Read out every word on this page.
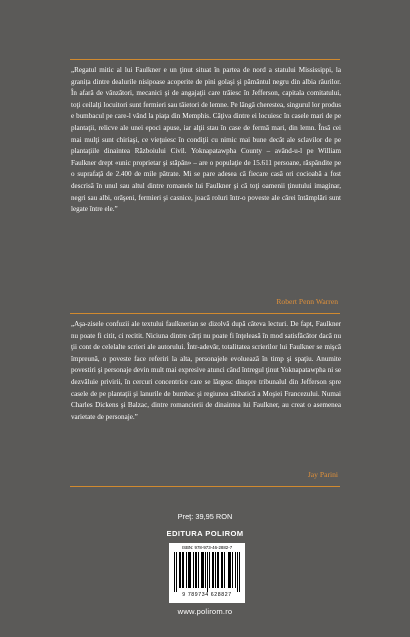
„Regatul mitic al lui Faulkner e un ţinut situat în partea de nord a statului Mississippi, la granița dintre dealurile nisipoase acoperite de pini golaşi şi pământul negru din albia râurilor. În afară de vânzători, mecanici şi de angajaţii care trăiesc în Jefferson, capitala comitatului, toţi ceilalţi locuitori sunt fermieri sau tăietori de lemne. Pe lângă cherestea, singurul lor produs e bumbacul pe care-l vând la piaţa din Memphis. Câţiva dintre ei locuiesc în casele mari de pe plantaţii, relicve ale unei epoci apuse, iar alţii stau în case de fermă mari, din lemn. Însă cei mai mulţi sunt chiriaşi, ce vieţuiesc în condiţii cu nimic mai bune decât ale sclavilor de pe plantaţiile dinaintea Războiului Civil. Yoknapatawpha County – având-u-l pe William Faulkner drept «unic proprietar şi stăpân» – are o populaţie de 15.611 persoane, răspândite pe o suprafaţă de 2.400 de mile pătrate. Mi se pare adesea că fiecare casă ori cocioabă a fost descrisă în unul sau altul dintre romanele lui Faulkner şi că toţi oamenii ţinutului imaginar, negri sau albi, orăşeni, fermieri şi casnice, joacă roluri într-o poveste ale cărei întâmplări sunt legate între ele.”

Robert Penn Warren

„Aşa-zisele confuzii ale textului faulknerian se dizolvă după câteva lecturi. De fapt, Faulkner nu poate fi citit, ci recitit. Niciuna dintre cărţi nu poate fi înţeleasă în mod satisfăcător dacă nu ţii cont de celelalte scrieri ale autorului. Într-adevăr, totalitatea scrierilor lui Faulkner se mişcă împreună, o poveste face referiri la alta, personajele evoluează în timp şi spaţiu. Anumite povestiri şi personaje devin mult mai expresive atunci când întregul ţinut Yoknapatawpha ni se dezvăluie privirii, în cercuri concentrice care se lărgesc dinspre tribunalul din Jefferson spre casele de pe plantaţii şi lanurile de bumbac şi regiunea sălbatică a Moşiei Francezului. Numai Charles Dickens şi Balzac, dintre romancierii de dinaintea lui Faulkner, au creat o asemenea varietate de personaje.”

Jay Parini
Preţ: 39,95 RON
EDITURA POLIROM
ISBN: 978-973-46-2882-7
9 789734 628827
www.polirom.ro
